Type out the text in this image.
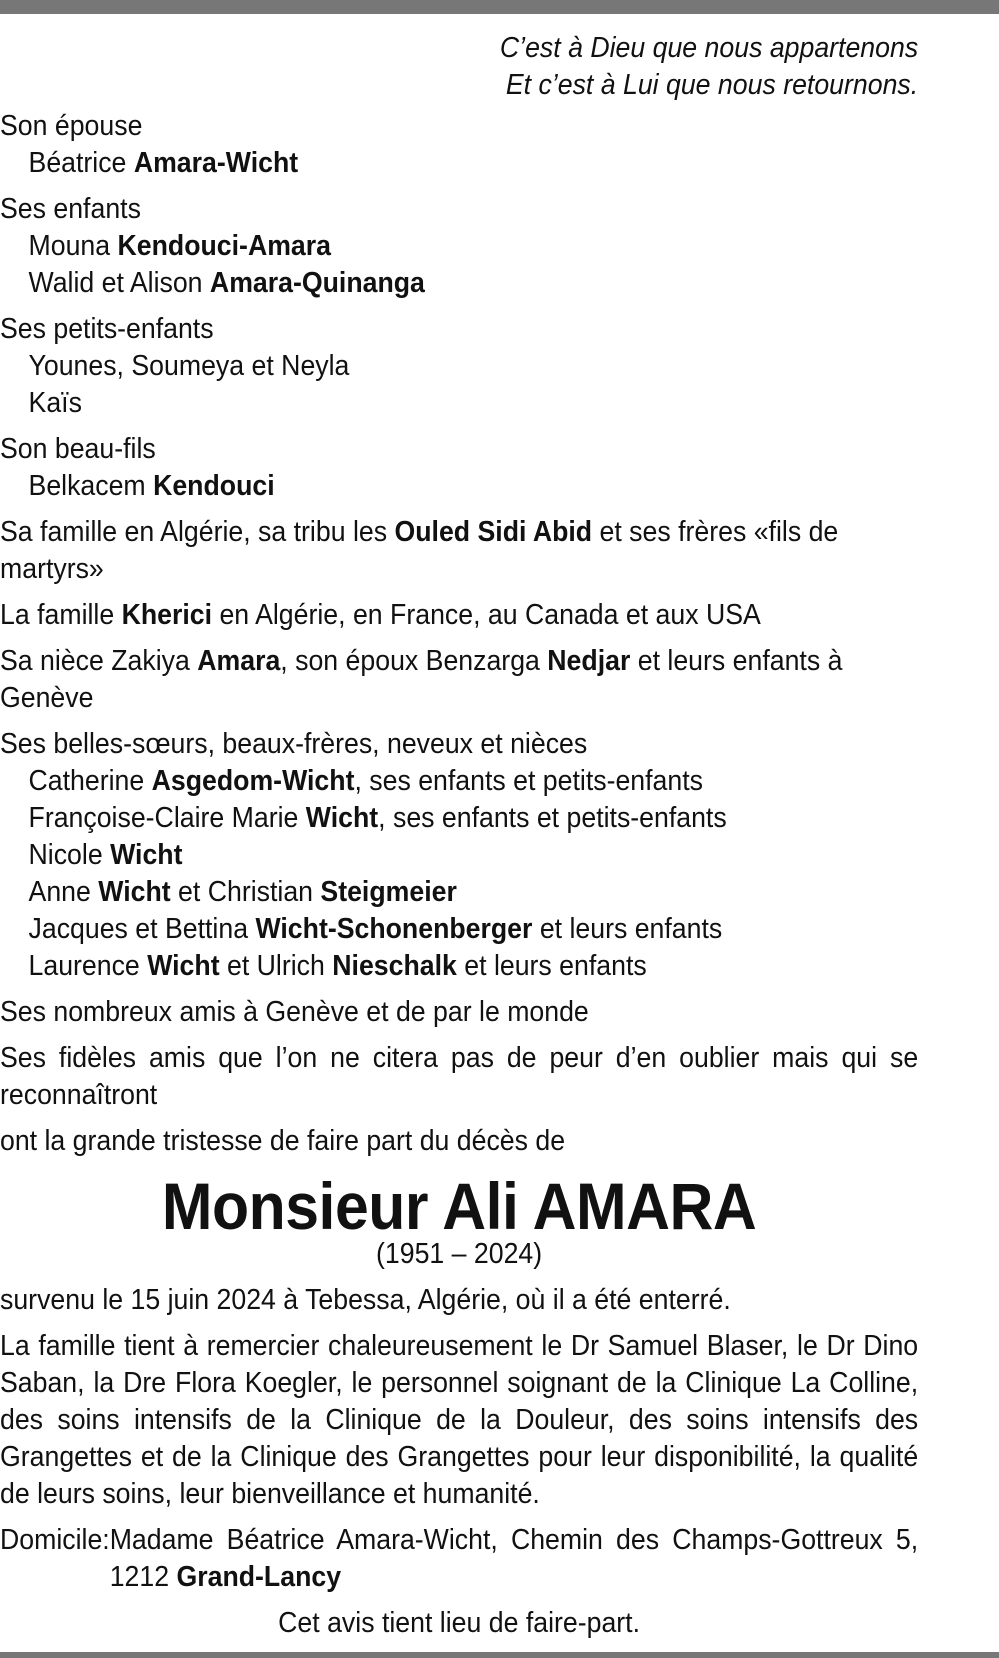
C’est à Dieu que nous appartenons
Et c’est à Lui que nous retournons.
Son épouse
Béatrice Amara-Wicht
Ses enfants
Mouna Kendouci-Amara
Walid et Alison Amara-Quinanga
Ses petits-enfants
Younes, Soumeya et Neyla
Kaïs
Son beau-fils
Belkacem Kendouci
Sa famille en Algérie, sa tribu les Ouled Sidi Abid et ses frères «fils de martyrs»
La famille Kherici en Algérie, en France, au Canada et aux USA
Sa nièce Zakiya Amara, son époux Benzarga Nedjar et leurs enfants à Genève
Ses belles-sœurs, beaux-frères, neveux et nièces
Catherine Asgedom-Wicht, ses enfants et petits-enfants
Françoise-Claire Marie Wicht, ses enfants et petits-enfants
Nicole Wicht
Anne Wicht et Christian Steigmeier
Jacques et Bettina Wicht-Schonenberger et leurs enfants
Laurence Wicht et Ulrich Nieschalk et leurs enfants
Ses nombreux amis à Genève et de par le monde
Ses fidèles amis que l’on ne citera pas de peur d’en oublier mais qui se reconnaîtront
ont la grande tristesse de faire part du décès de
Monsieur Ali AMARA
(1951 – 2024)
survenu le 15 juin 2024 à Tebessa, Algérie, où il a été enterré.
La famille tient à remercier chaleureusement le Dr Samuel Blaser, le Dr Dino Saban, la Dre Flora Koegler, le personnel soignant de la Clinique La Colline, des soins intensifs de la Clinique de la Douleur, des soins intensifs des Grangettes et de la Clinique des Grangettes pour leur disponibilité, la qualité de leurs soins, leur bienveillance et humanité.
Domicile: Madame Béatrice Amara-Wicht, Chemin des Champs-Gottreux 5, 1212 Grand-Lancy
Cet avis tient lieu de faire-part.
